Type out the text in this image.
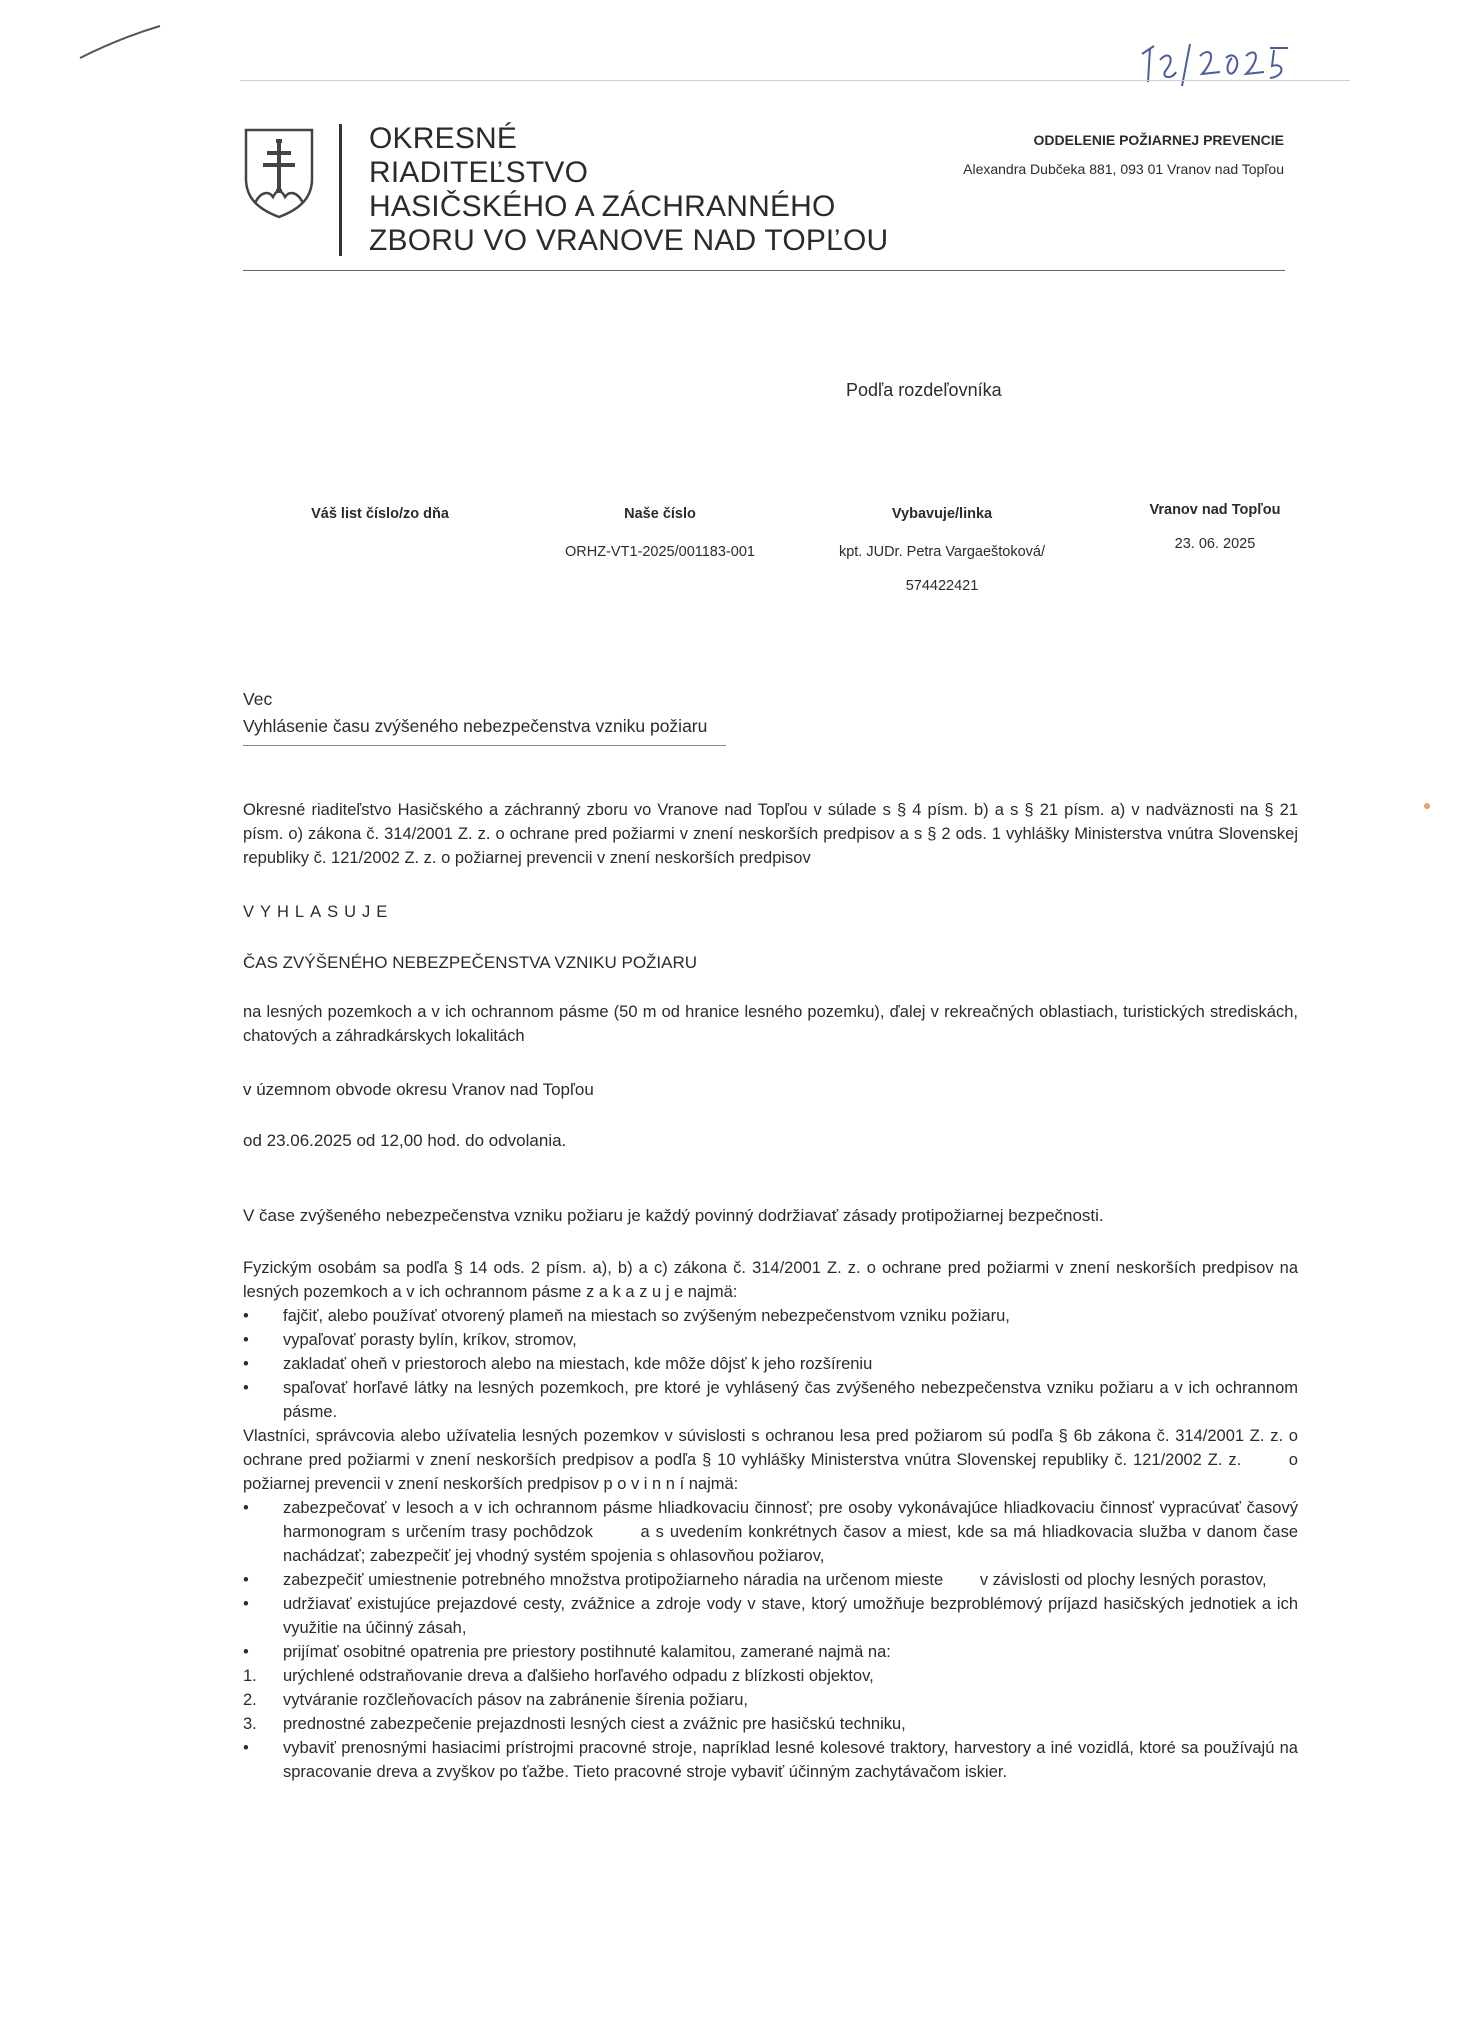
OKRESNÉ
RIADITEĽSTVO
HASIČSKÉHO A ZÁCHRANNÉHO
ZBORU VO VRANOVE NAD TOPĽOU
ODDELENIE POŽIARNEJ PREVENCIE
Alexandra Dubčeka 881, 093 01 Vranov nad Topľou
Podľa rozdeľovníka
Váš list číslo/zo dňa	Naše číslo
ORHZ-VT1-2025/001183-001
Vybavuje/linka
kpt. JUDr. Petra Vargaeštoková/
574422421
Vranov nad Topľou
23. 06. 2025
Vec
Vyhlásenie času zvýšeného nebezpečenstva vzniku požiaru
Okresné riaditeľstvo Hasičského a záchranný zboru vo Vranove nad Topľou v súlade s § 4 písm. b) a s § 21 písm. a) v nadväznosti na § 21 písm. o) zákona č. 314/2001 Z. z. o ochrane pred požiarmi v znení neskorších predpisov a s § 2 ods. 1 vyhlášky Ministerstva vnútra Slovenskej republiky č. 121/2002 Z. z. o požiarnej prevencii v znení neskorších predpisov
VYHLASUJE
ČAS ZVÝŠENÉHO NEBEZPEČENSTVA VZNIKU POŽIARU
na lesných pozemkoch a v ich ochrannom pásme (50 m od hranice lesného pozemku), ďalej v rekreačných oblastiach, turistických strediskách, chatových a záhradkárskych lokalitách
v územnom obvode okresu Vranov nad Topľou
od 23.06.2025 od 12,00 hod. do odvolania.
V čase zvýšeného nebezpečenstva vzniku požiaru je každý povinný dodržiavať zásady protipožiarnej bezpečnosti.
Fyzickým osobám sa podľa § 14 ods. 2 písm. a), b) a c) zákona č. 314/2001 Z. z. o ochrane pred požiarmi v znení neskorších predpisov na lesných pozemkoch a v ich ochrannom pásme z a k a z u j e najmä:
• fajčiť, alebo používať otvorený plameň na miestach so zvýšeným nebezpečenstvom vzniku požiaru,
• vypaľovať porasty bylín, kríkov, stromov,
• zakladať oheň v priestoroch alebo na miestach, kde môže dôjsť k jeho rozšíreniu
• spaľovať horľavé látky na lesných pozemkoch, pre ktoré je vyhlásený čas zvýšeného nebezpečenstva vzniku požiaru a v ich ochrannom pásme.
Vlastníci, správcovia alebo užívatelia lesných pozemkov v súvislosti s ochranou lesa pred požiarom sú podľa § 6b zákona č. 314/2001 Z. z. o ochrane pred požiarmi v znení neskorších predpisov a podľa § 10 vyhlášky Ministerstva vnútra Slovenskej republiky č. 121/2002 Z. z.        o požiarnej prevencii v znení neskorších predpisov p o v i n n í najmä:
• zabezpečovať v lesoch a v ich ochrannom pásme hliadkovaciu činnosť; pre osoby vykonávajúce hliadkovaciu činnosť vypracúvať časový harmonogram s určením trasy pochôdzok        a s uvedením konkrétnych časov a miest, kde sa má hliadkovacia služba v danom čase nachádzať; zabezpečiť jej vhodný systém spojenia s ohlasovňou požiarov,
• zabezpečiť umiestnenie potrebného množstva protipožiarneho náradia na určenom mieste        v závislosti od plochy lesných porastov,
• udržiavať existujúce prejazdové cesty, zvážnice a zdroje vody v stave, ktorý umožňuje bezproblémový príjazd hasičských jednotiek a ich využitie na účinný zásah,
• prijímať osobitné opatrenia pre priestory postihnuté kalamitou, zamerané najmä na:
1. urýchlené odstraňovanie dreva a ďalšieho horľavého odpadu z blízkosti objektov,
2. vytváranie rozčleňovacích pásov na zabránenie šírenia požiaru,
3. prednostné zabezpečenie prejazdnosti lesných ciest a zvážnic pre hasičskú techniku,
• vybaviť prenosnými hasiacimi prístrojmi pracovné stroje, napríklad lesné kolesové traktory, harvestory a iné vozidlá, ktoré sa používajú na spracovanie dreva a zvyškov po ťažbe. Tieto pracovné stroje vybaviť účinným zachytávačom iskier.
